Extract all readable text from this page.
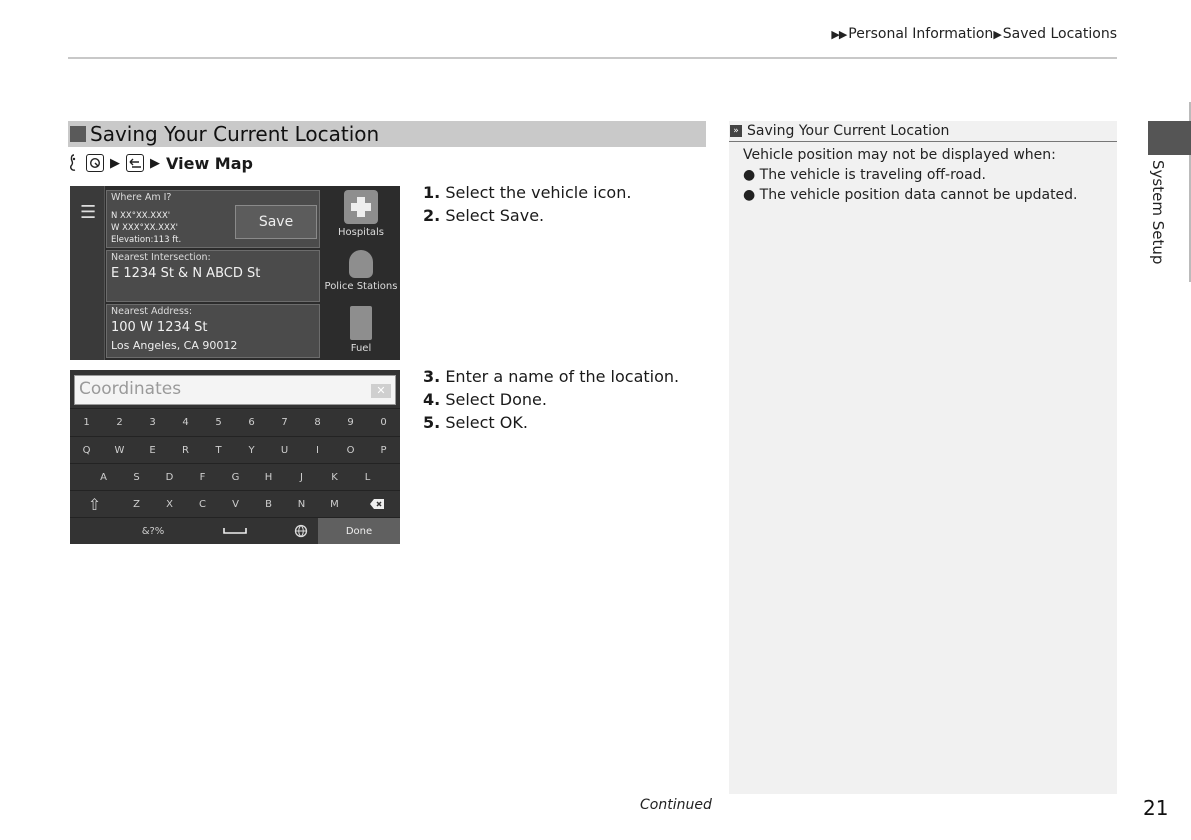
▶▶ Personal Information▶ Saved Locations
Saving Your Current Location
▶ ▶ View Map
☰
Where Am I?
N XX°XX.XXX'
W XXX°XX.XXX'
Elevation:113 ft.
Save
Nearest Intersection:
E 1234 St & N ABCD St
Nearest Address:
100 W 1234 St
Los Angeles, CA 90012
Hospitals
Police Stations
Fuel
Coordinates	✕
1	2	3	4	5	6	7	8	9	0
Q	W	E	R	T	Y	U	I	O	P
A	S	D	F	G	H	J	K	L
⇧	Z	X	C	V	B	N	M
&?%	Done
1. Select the vehicle icon.
2. Select Save.
3. Enter a name of the location.
4. Select Done.
5. Select OK.
» Saving Your Current Location
Vehicle position may not be displayed when:
● The vehicle is traveling off-road.
● The vehicle position data cannot be updated.	System Setup
Continued	21
